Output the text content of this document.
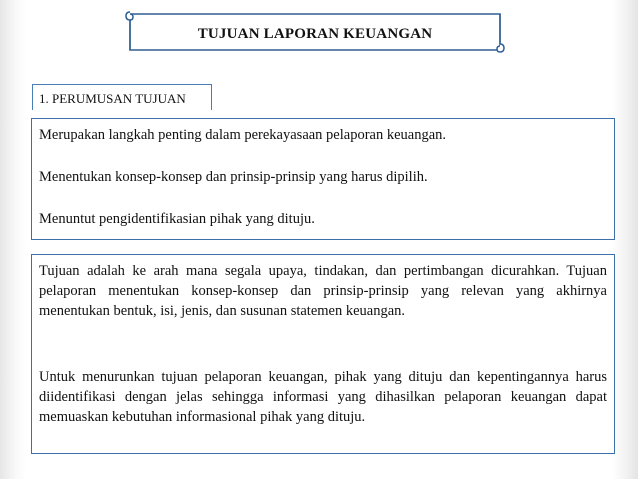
TUJUAN LAPORAN KEUANGAN
1. PERUMUSAN TUJUAN
Merupakan langkah penting dalam perekayasaan pelaporan keuangan.
Menentukan konsep-konsep dan prinsip-prinsip yang harus dipilih.
Menuntut pengidentifikasian pihak yang dituju.
Tujuan adalah ke arah mana segala upaya, tindakan, dan pertimbangan dicurahkan. Tujuan pelaporan menentukan konsep-konsep dan prinsip-prinsip yang relevan yang akhirnya menentukan bentuk, isi, jenis, dan susunan statemen keuangan.
Untuk menurunkan tujuan pelaporan keuangan, pihak yang dituju dan kepentingannya harus diidentifikasi dengan jelas sehingga informasi yang dihasilkan pelaporan keuangan dapat memuaskan kebutuhan informasional pihak yang dituju.
